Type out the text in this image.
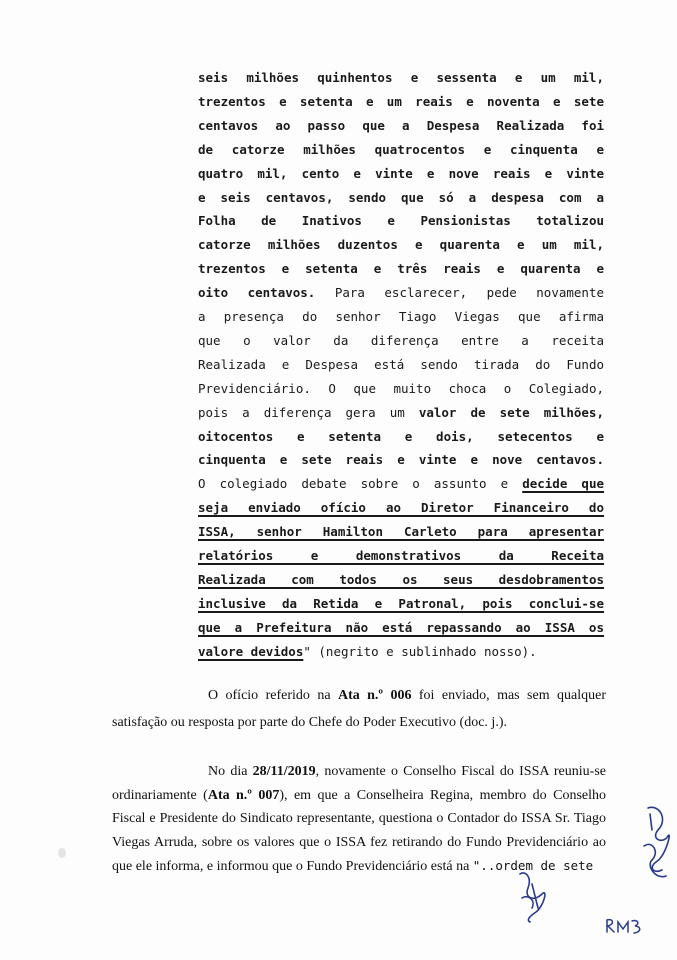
seis milhões quinhentos e sessenta e um mil,
trezentos e setenta e um reais e noventa e sete
centavos ao passo que a Despesa Realizada foi
de catorze milhões quatrocentos e cinquenta e
quatro mil, cento e vinte e nove reais e vinte
e seis centavos, sendo que só a despesa com a
Folha de Inativos e Pensionistas totalizou
catorze milhões duzentos e quarenta e um mil,
trezentos e setenta e três reais e quarenta e
oito centavos. Para esclarecer, pede novamente
a presença do senhor Tiago Viegas que afirma
que o valor da diferença entre a receita
Realizada e Despesa está sendo tirada do Fundo
Previdenciário. O que muito choca o Colegiado,
pois a diferença gera um valor de sete milhões,
oitocentos e setenta e dois, setecentos e
cinquenta e sete reais e vinte e nove centavos.
O colegiado debate sobre o assunto e decide que
seja enviado ofício ao Diretor Financeiro do
ISSA, senhor Hamilton Carleto para apresentar
relatórios e demonstrativos da Receita
Realizada com todos os seus desdobramentos
inclusive da Retida e Patronal, pois conclui-se
que a Prefeitura não está repassando ao ISSA os
valore devidos" (negrito e sublinhado nosso).
O ofício referido na Ata n.º 006 foi enviado, mas sem qualquer
satisfação ou resposta por parte do Chefe do Poder Executivo (doc. j.).
No dia 28/11/2019, novamente o Conselho Fiscal do ISSA reuniu-se
ordinariamente (Ata n.º 007), em que a Conselheira Regina, membro do Conselho
Fiscal e Presidente do Sindicato representante, questiona o Contador do ISSA Sr. Tiago
Viegas Arruda, sobre os valores que o ISSA fez retirando do Fundo Previdenciário ao
que ele informa, e informou que o Fundo Previdenciário está na "..ordem de sete
